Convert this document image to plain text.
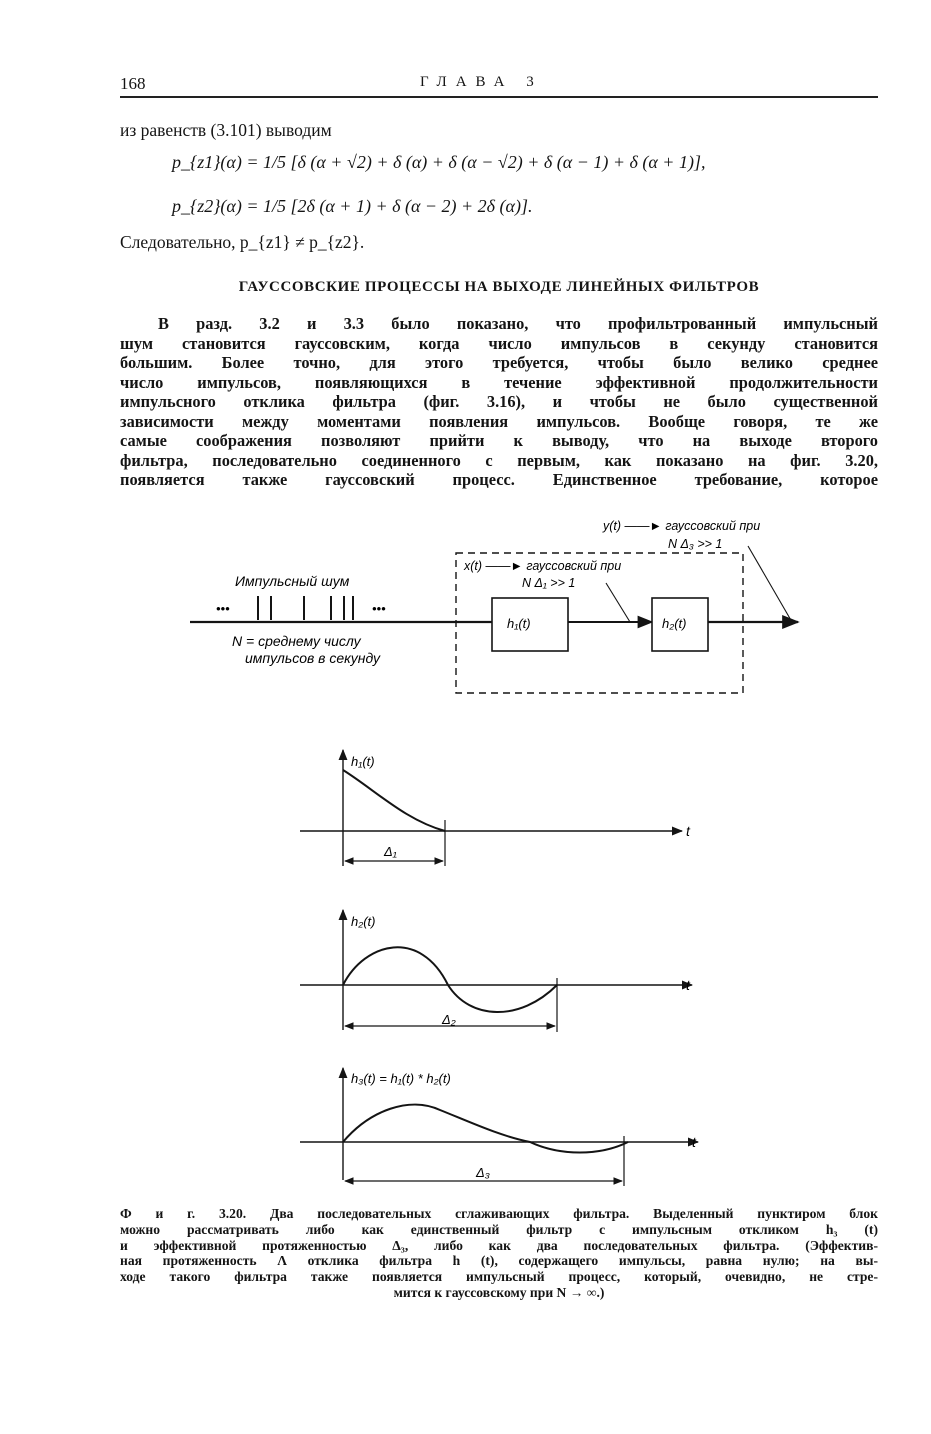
168	ГЛАВА 3
из равенств (3.101) выводим
p_{z1}(α) = 1/5 [δ (α + √2) + δ (α) + δ (α − √2) + δ (α − 1) + δ (α + 1)],
p_{z2}(α) = 1/5 [2δ (α + 1) + δ (α − 2) + 2δ (α)].
Следовательно, p_{z1} ≠ p_{z2}.
ГАУССОВСКИЕ ПРОЦЕССЫ НА ВЫХОДЕ ЛИНЕЙНЫХ ФИЛЬТРОВ
В разд. 3.2 и 3.3 было показано, что профильтрованный импульсный
шум становится гауссовским, когда число импульсов в секунду становится
большим. Более точно, для этого требуется, чтобы было велико среднее
число импульсов, появляющихся в течение эффективной продолжительности
импульсного отклика фильтра (фиг. 3.16), и чтобы не было существенной
зависимости между моментами появления импульсов. Вообще говоря, те же
самые соображения позволяют прийти к выводу, что на выходе второго
фильтра, последовательно соединенного с первым, как показано на фиг. 3.20,
появляется также гауссовский процесс. Единственное требование, которое
Импульсный шум
•••	•••
N = среднему числу
импульсов в секунду
h₁(t)	h₂(t)
x(t) ——► гауссовский при
N Δ₁ >> 1
y(t) ——► гауссовский при
N Δ₃ >> 1
h₁(t)
t
Δ₁
h₂(t)
t
Δ₂
h₃(t) = h₁(t) * h₂(t)
t
Δ₃
Ф и г. 3.20. Два последовательных сглаживающих фильтра. Выделенный пунктиром блок
можно рассматривать либо как единственный фильтр с импульсным откликом h₃ (t)
и эффективной протяженностью Δ₃, либо как два последовательных фильтра. (Эффектив-
ная протяженность Λ отклика фильтра h (t), содержащего импульсы, равна нулю; на вы-
ходе такого фильтра также появляется импульсный процесс, который, очевидно, не стре-
мится к гауссовскому при N → ∞.)
